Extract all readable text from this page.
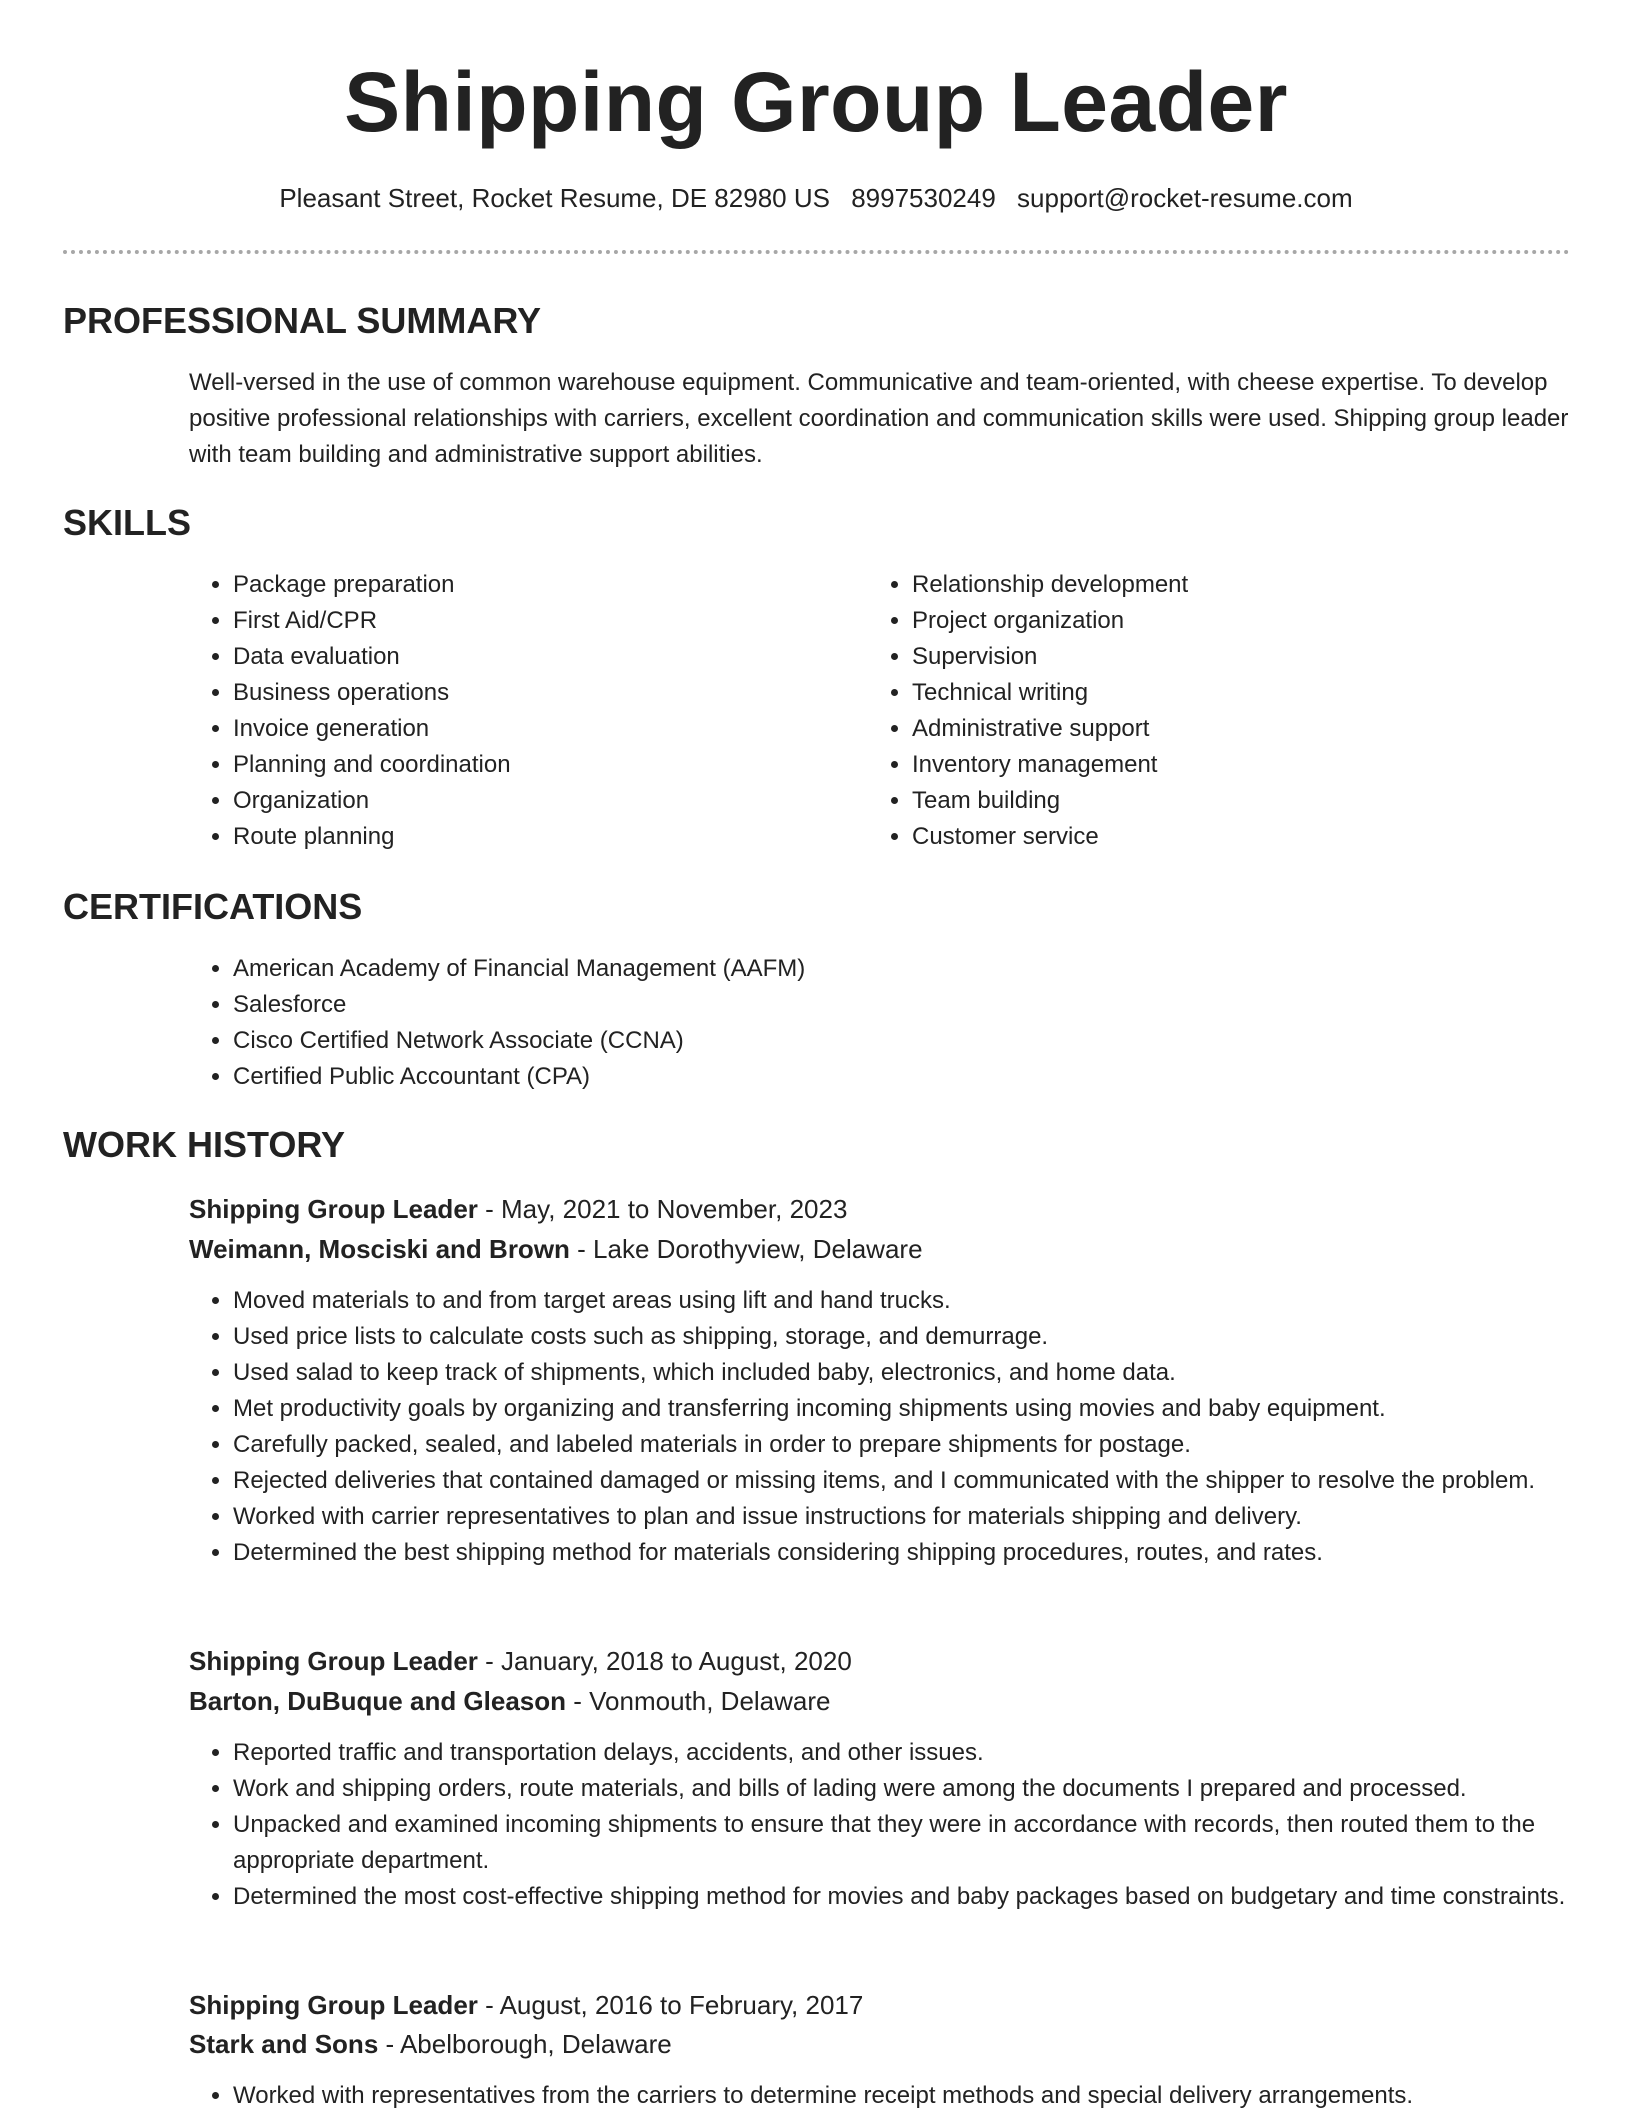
Shipping Group Leader
Pleasant Street, Rocket Resume, DE 82980 US 8997530249 support@rocket-resume.com
PROFESSIONAL SUMMARY

Well-versed in the use of common warehouse equipment. Communicative and team-oriented, with cheese expertise. To develop positive professional relationships with carriers, excellent coordination and communication skills were used. Shipping group leader with team building and administrative support abilities.

SKILLS
• Package preparation
• First Aid/CPR
• Data evaluation
• Business operations
• Invoice generation
• Planning and coordination
• Organization
• Route planning
• Relationship development
• Project organization
• Supervision
• Technical writing
• Administrative support
• Inventory management
• Team building
• Customer service
CERTIFICATIONS
• American Academy of Financial Management (AAFM)
• Salesforce
• Cisco Certified Network Associate (CCNA)
• Certified Public Accountant (CPA)
WORK HISTORY
Shipping Group Leader - May, 2021 to November, 2023
Weimann, Mosciski and Brown - Lake Dorothyview, Delaware
• Moved materials to and from target areas using lift and hand trucks.
• Used price lists to calculate costs such as shipping, storage, and demurrage.
• Used salad to keep track of shipments, which included baby, electronics, and home data.
• Met productivity goals by organizing and transferring incoming shipments using movies and baby equipment.
• Carefully packed, sealed, and labeled materials in order to prepare shipments for postage.
• Rejected deliveries that contained damaged or missing items, and I communicated with the shipper to resolve the problem.
• Worked with carrier representatives to plan and issue instructions for materials shipping and delivery.
• Determined the best shipping method for materials considering shipping procedures, routes, and rates.
Shipping Group Leader - January, 2018 to August, 2020
Barton, DuBuque and Gleason - Vonmouth, Delaware
• Reported traffic and transportation delays, accidents, and other issues.
• Work and shipping orders, route materials, and bills of lading were among the documents I prepared and processed.
• Unpacked and examined incoming shipments to ensure that they were in accordance with records, then routed them to the appropriate department.
• Determined the most cost-effective shipping method for movies and baby packages based on budgetary and time constraints.
Shipping Group Leader - August, 2016 to February, 2017
Stark and Sons - Abelborough, Delaware
• Worked with representatives from the carriers to determine receipt methods and special delivery arrangements.
